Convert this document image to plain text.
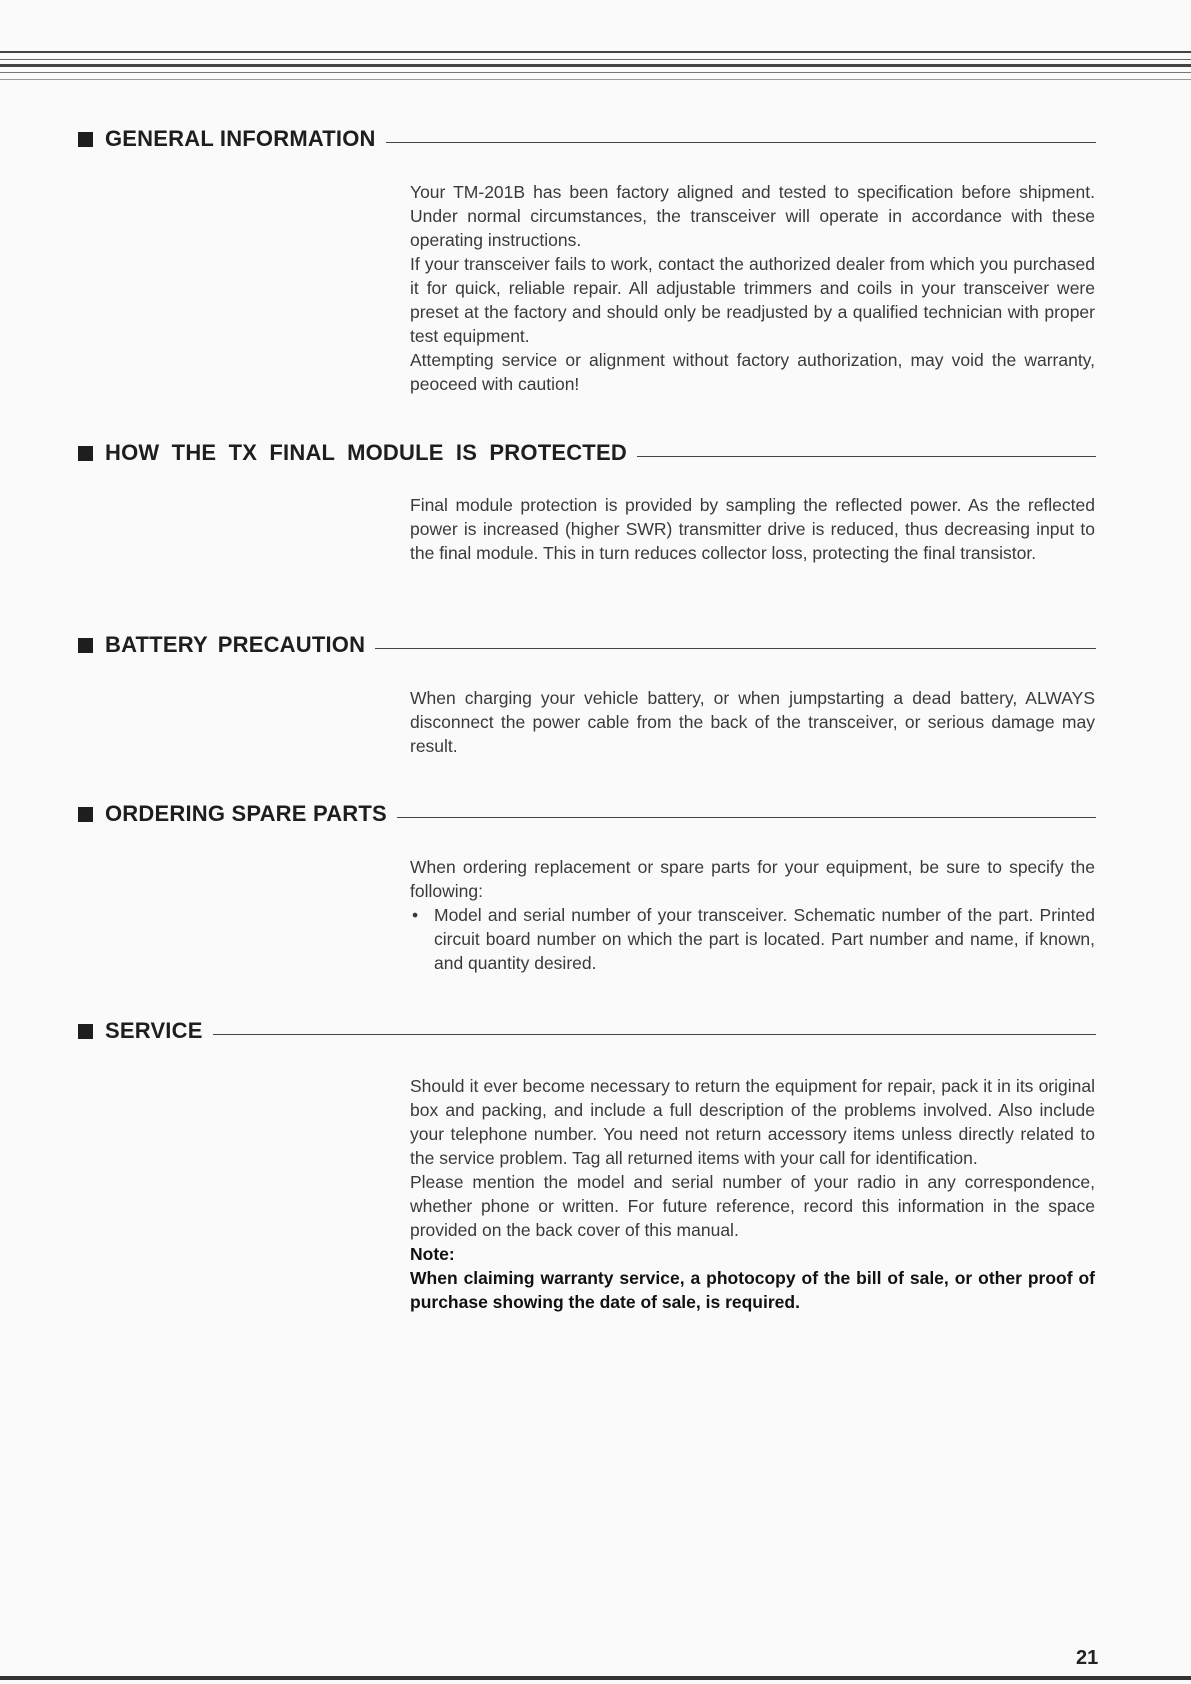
GENERAL INFORMATION

Your TM-201B has been factory aligned and tested to specification before shipment. Under normal circumstances, the transceiver will operate in accordance with these operating instructions.

If your transceiver fails to work, contact the authorized dealer from which you purchased it for quick, reliable repair. All adjustable trimmers and coils in your transceiver were preset at the factory and should only be readjusted by a qualified technician with proper test equipment.

Attempting service or alignment without factory authorization, may void the warranty, peoceed with caution!

HOW THE TX FINAL MODULE IS PROTECTED

Final module protection is provided by sampling the reflected power. As the reflected power is increased (higher SWR) transmitter drive is reduced, thus decreasing input to the final module. This in turn reduces collector loss, protecting the final transistor.

BATTERY PRECAUTION

When charging your vehicle battery, or when jumpstarting a dead battery, ALWAYS disconnect the power cable from the back of the transceiver, or serious damage may result.

ORDERING SPARE PARTS

When ordering replacement or spare parts for your equipment, be sure to specify the following:

• Model and serial number of your transceiver. Schematic number of the part. Printed circuit board number on which the part is located. Part number and name, if known, and quantity desired.
SERVICE

Should it ever become necessary to return the equipment for repair, pack it in its original box and packing, and include a full description of the problems involved. Also include your telephone number. You need not return accessory items unless directly related to the service problem. Tag all returned items with your call for identification.

Please mention the model and serial number of your radio in any correspondence, whether phone or written. For future reference, record this information in the space provided on the back cover of this manual.

Note:

When claiming warranty service, a photocopy of the bill of sale, or other proof of purchase showing the date of sale, is required.

21
